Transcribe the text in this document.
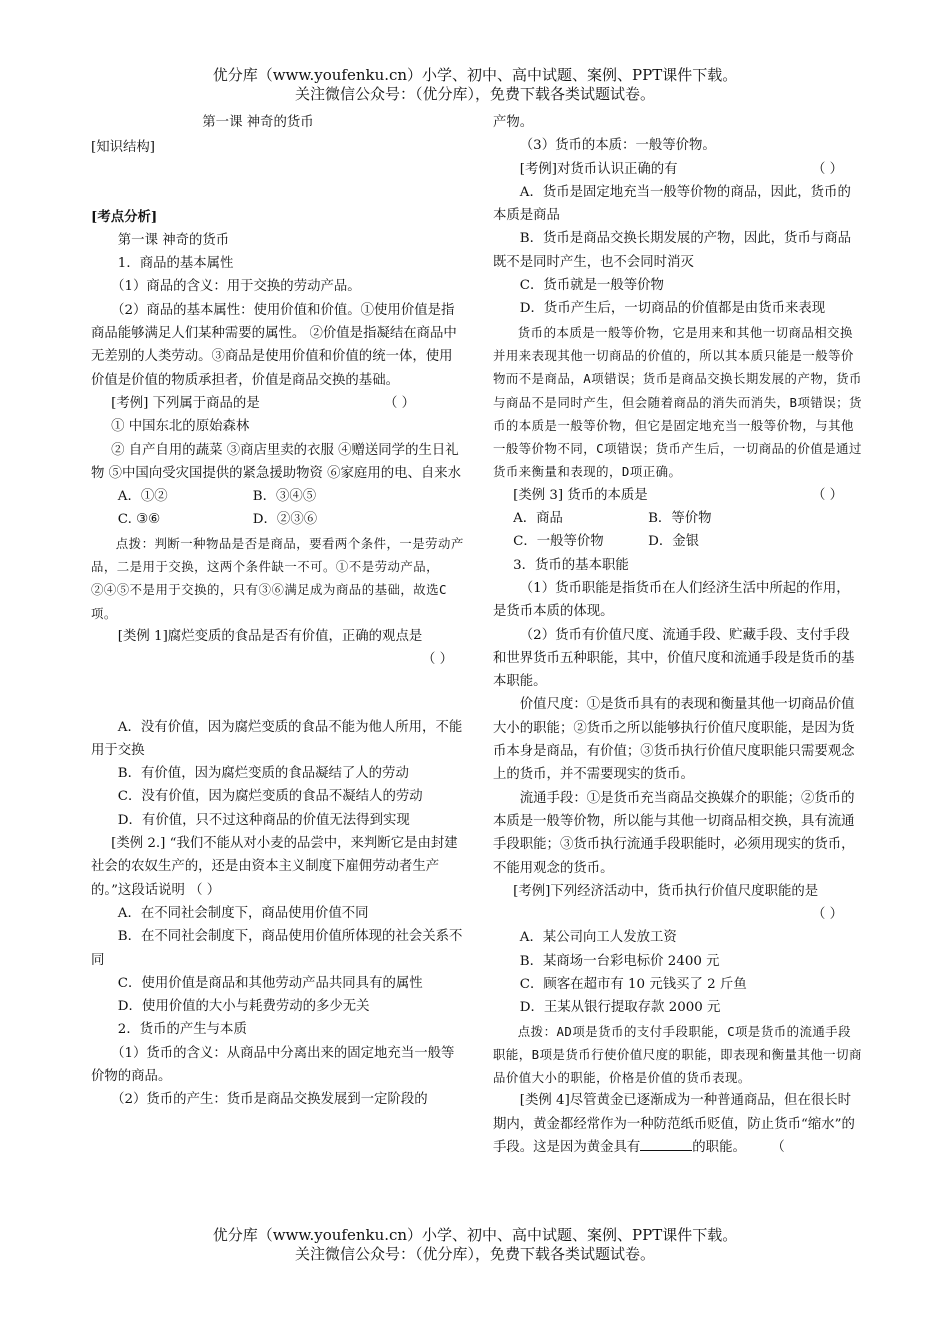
优分库（www.youfenku.cn）小学、初中、高中试题、案例、PPT课件下载。
关注微信公众号：（优分库），免费下载各类试题试卷。

第一课 神奇的货币

[知识结构]

[考点分析]

第一课 神奇的货币

1．商品的基本属性

（1）商品的含义：用于交换的劳动产品。

（2）商品的基本属性：使用价值和价值。①使用价值是指商品能够满足人们某种需要的属性。 ②价值是指凝结在商品中无差别的人类劳动。③商品是使用价值和价值的统一体，使用价值是价值的物质承担者，价值是商品交换的基础。

[考例] 下列属于商品的是	（ ）

① 中国东北的原始森林

② 自产自用的蔬菜 ③商店里卖的衣服 ④赠送同学的生日礼物 ⑤中国向受灾国提供的紧急援助物资 ⑥家庭用的电、自来水

A．①②	B．③④⑤

C. ③⑥	D．②③⑥

点拨：判断一种物品是否是商品，要看两个条件，一是劳动产品，二是用于交换，这两个条件缺一不可。①不是劳动产品，②④⑤不是用于交换的，只有③⑥满足成为商品的基础，故选C项。

[类例 1]腐烂变质的食品是否有价值，正确的观点是

（ ）

A．没有价值，因为腐烂变质的食品不能为他人所用，不能用于交换

B．有价值，因为腐烂变质的食品凝结了人的劳动

C．没有价值，因为腐烂变质的食品不凝结人的劳动

D．有价值，只不过这种商品的价值无法得到实现

[类例 2.] “我们不能从对小麦的品尝中，来判断它是由封建社会的农奴生产的，还是由资本主义制度下雇佣劳动者生产的。”这段话说明 （ ）

A．在不同社会制度下，商品使用价值不同

B．在不同社会制度下，商品使用价值所体现的社会关系不同

C．使用价值是商品和其他劳动产品共同具有的属性

D．使用价值的大小与耗费劳动的多少无关

2．货币的产生与本质

（1）货币的含义：从商品中分离出来的固定地充当一般等价物的商品。

（2）货币的产生：货币是商品交换发展到一定阶段的

产物。

（3）货币的本质：一般等价物。

[考例]对货币认识正确的有	（ ）

A．货币是固定地充当一般等价物的商品，因此，货币的本质是商品

B．货币是商品交换长期发展的产物，因此，货币与商品既不是同时产生，也不会同时消灭

C．货币就是一般等价物

D．货币产生后，一切商品的价值都是由货币来表现

货币的本质是一般等价物，它是用来和其他一切商品相交换并用来表现其他一切商品的价值的，所以其本质只能是一般等价物而不是商品，A项错误；货币是商品交换长期发展的产物，货币与商品不是同时产生，但会随着商品的消失而消失，B项错误；货币的本质是一般等价物，但它是固定地充当一般等价物，与其他一般等价物不同，C项错误；货币产生后，一切商品的价值是通过货币来衡量和表现的，D项正确。

[类例 3] 货币的本质是	（ ）

A．商品	B．等价物

C．一般等价物	D．金银

3．货币的基本职能

（1）货币职能是指货币在人们经济生活中所起的作用，是货币本质的体现。

（2）货币有价值尺度、流通手段、贮藏手段、支付手段和世界货币五种职能，其中，价值尺度和流通手段是货币的基本职能。

价值尺度：①是货币具有的表现和衡量其他一切商品价值大小的职能；②货币之所以能够执行价值尺度职能，是因为货币本身是商品，有价值；③货币执行价值尺度职能只需要观念上的货币，并不需要现实的货币。

流通手段：①是货币充当商品交换媒介的职能；②货币的本质是一般等价物，所以能与其他一切商品相交换，具有流通手段职能；③货币执行流通手段职能时，必须用现实的货币，不能用观念的货币。

[考例]下列经济活动中，货币执行价值尺度职能的是

（ ）

A．某公司向工人发放工资

B．某商场一台彩电标价 2400 元

C．顾客在超市有 10 元钱买了 2 斤鱼

D．王某从银行提取存款 2000 元

点拨：AD项是货币的支付手段职能，C项是货币的流通手段职能，B项是货币行使价值尺度的职能，即表现和衡量其他一切商品价值大小的职能，价格是价值的货币表现。

[类例 4]尽管黄金已逐渐成为一种普通商品，但在很长时期内，黄金都经常作为一种防范纸币贬值，防止货币“缩水”的手段。这是因为黄金具有	的职能。 （

优分库（www.youfenku.cn）小学、初中、高中试题、案例、PPT课件下载。
关注微信公众号：（优分库），免费下载各类试题试卷。
